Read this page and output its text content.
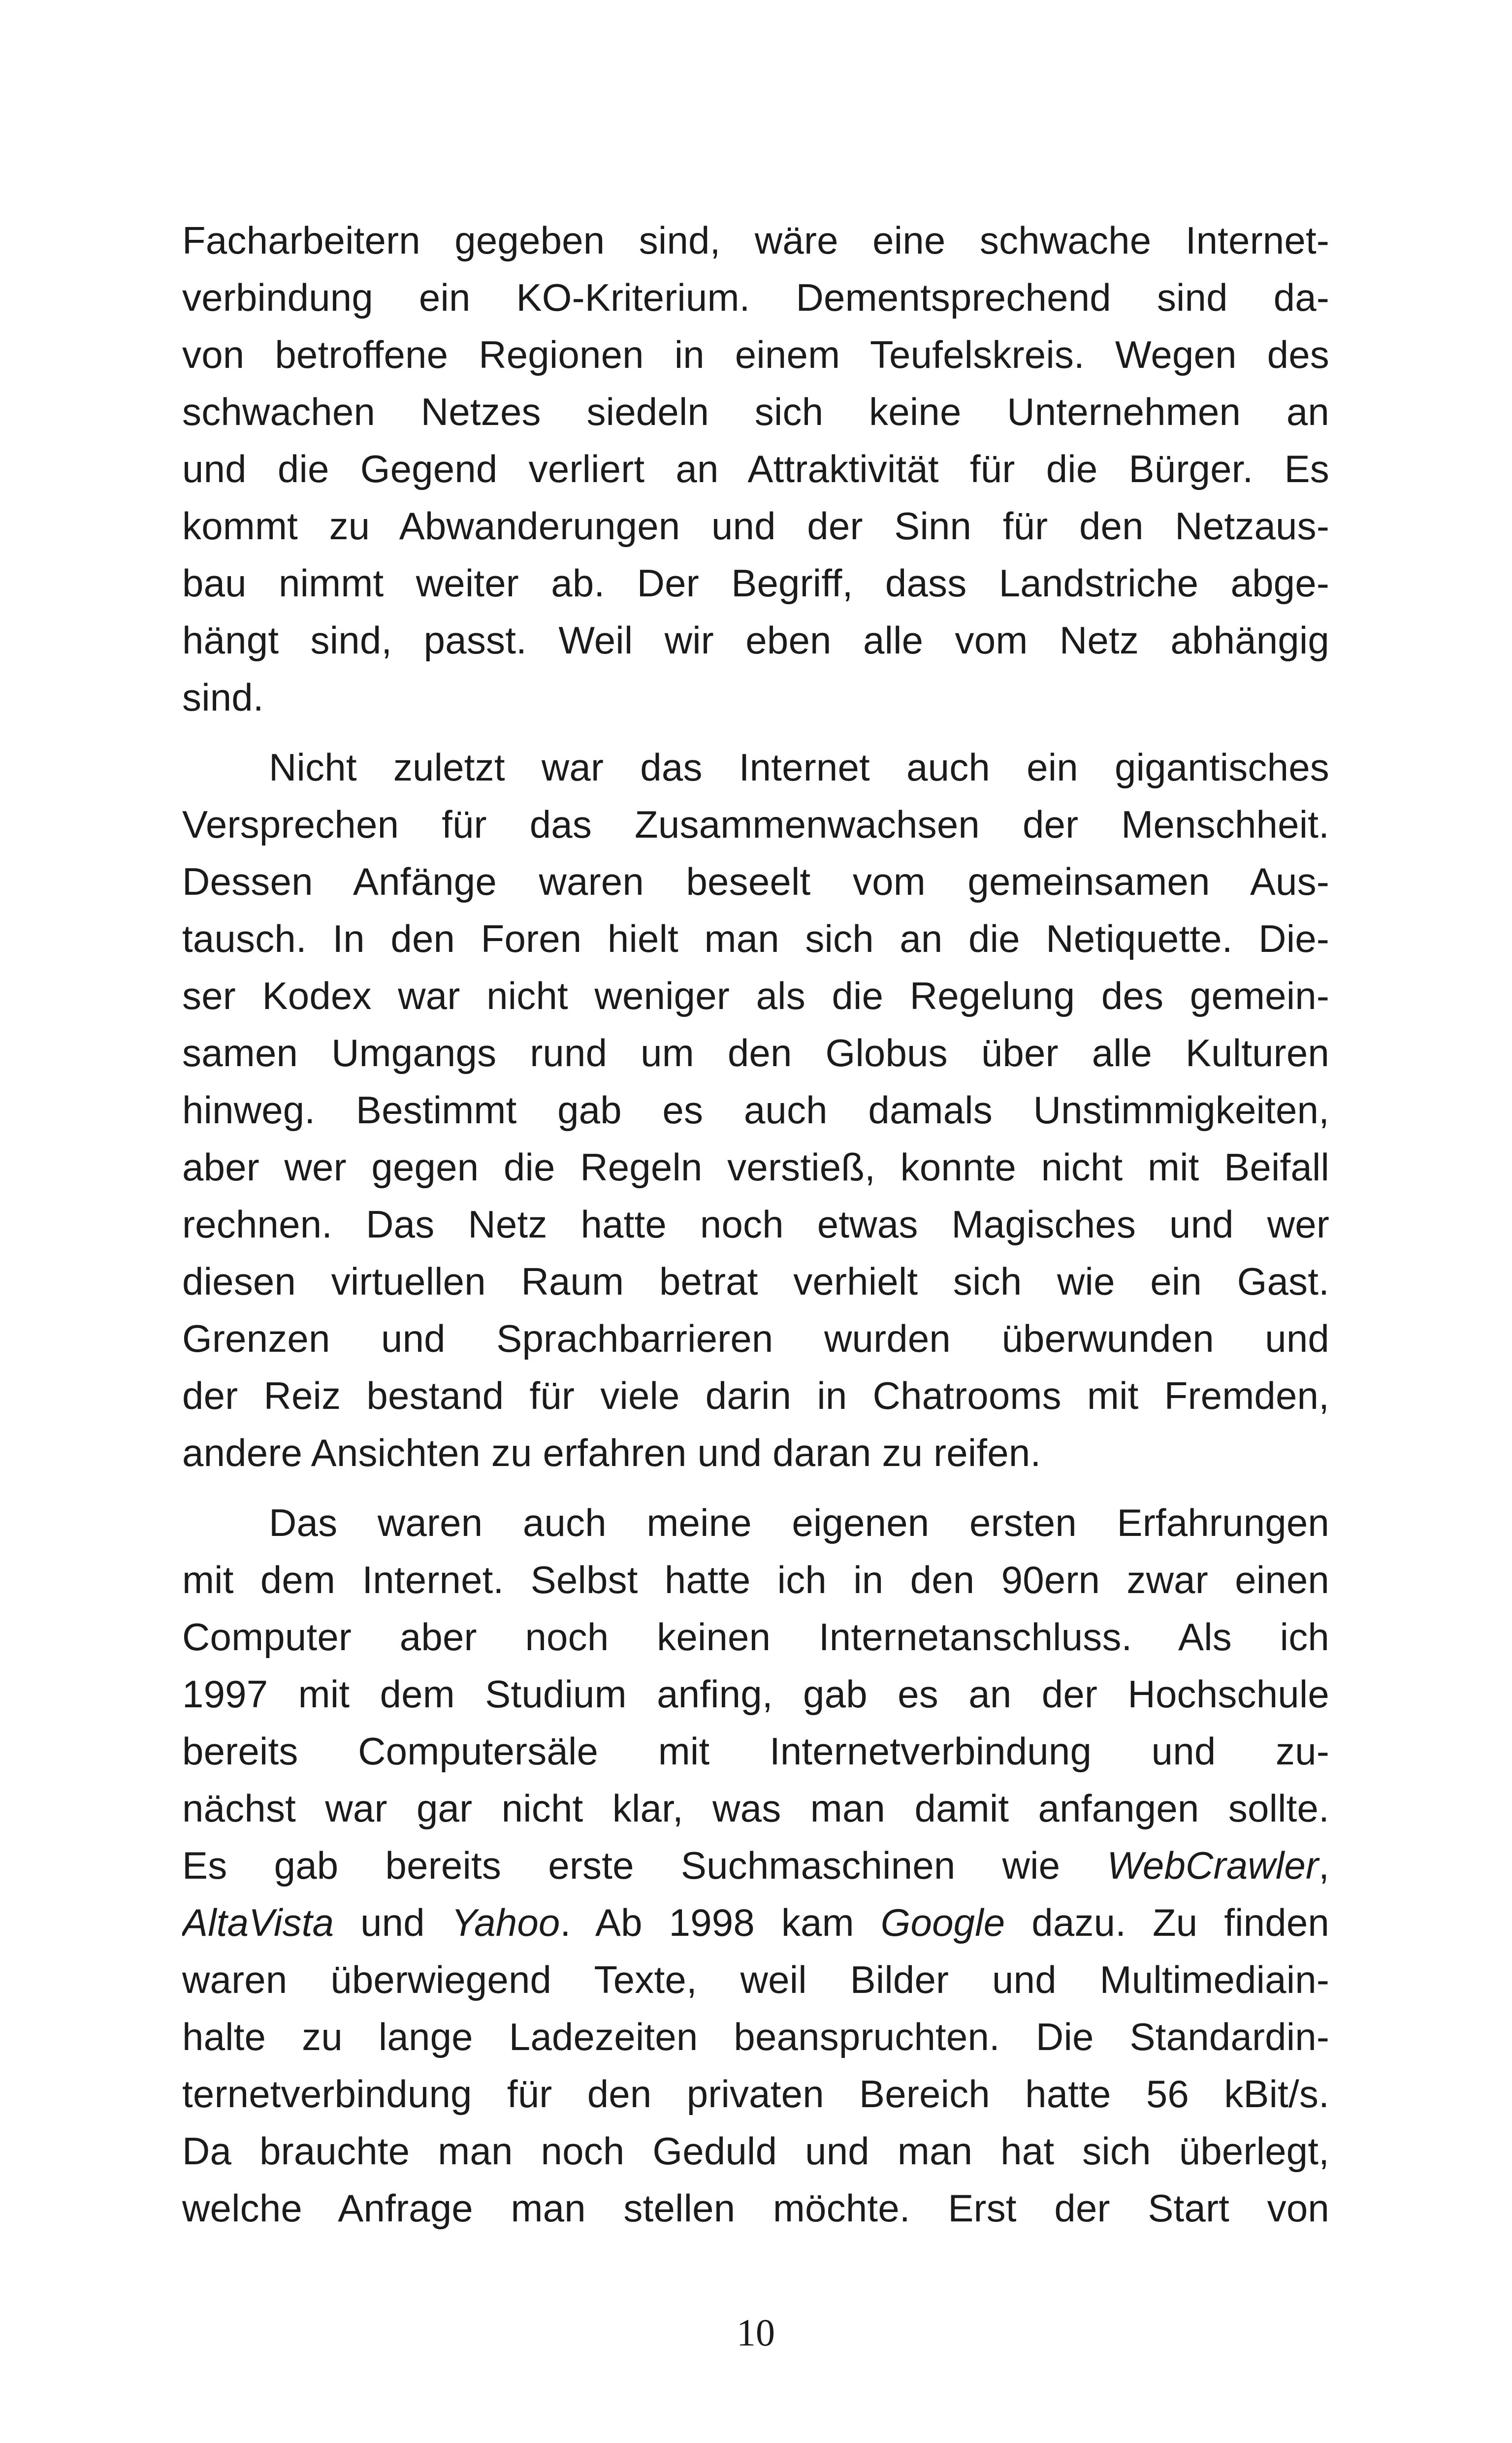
Facharbeitern gegeben sind, wäre eine schwache Internet-
verbindung ein KO-Kriterium. Dementsprechend sind da-
von betroffene Regionen in einem Teufelskreis. Wegen des
schwachen Netzes siedeln sich keine Unternehmen an
und die Gegend verliert an Attraktivität für die Bürger. Es
kommt zu Abwanderungen und der Sinn für den Netzaus-
bau nimmt weiter ab. Der Begriff, dass Landstriche abge-
hängt sind, passt. Weil wir eben alle vom Netz abhängig
sind.
Nicht zuletzt war das Internet auch ein gigantisches
Versprechen für das Zusammenwachsen der Menschheit.
Dessen Anfänge waren beseelt vom gemeinsamen Aus-
tausch. In den Foren hielt man sich an die Netiquette. Die-
ser Kodex war nicht weniger als die Regelung des gemein-
samen Umgangs rund um den Globus über alle Kulturen
hinweg. Bestimmt gab es auch damals Unstimmigkeiten,
aber wer gegen die Regeln verstieß, konnte nicht mit Beifall
rechnen. Das Netz hatte noch etwas Magisches und wer
diesen virtuellen Raum betrat verhielt sich wie ein Gast.
Grenzen und Sprachbarrieren wurden überwunden und
der Reiz bestand für viele darin in Chatrooms mit Fremden,
andere Ansichten zu erfahren und daran zu reifen.
Das waren auch meine eigenen ersten Erfahrungen
mit dem Internet. Selbst hatte ich in den 90ern zwar einen
Computer aber noch keinen Internetanschluss. Als ich
1997 mit dem Studium anfing, gab es an der Hochschule
bereits Computersäle mit Internetverbindung und zu-
nächst war gar nicht klar, was man damit anfangen sollte.
Es gab bereits erste Suchmaschinen wie WebCrawler,
AltaVista und Yahoo. Ab 1998 kam Google dazu. Zu finden
waren überwiegend Texte, weil Bilder und Multimediain-
halte zu lange Ladezeiten beanspruchten. Die Standardin-
ternetverbindung für den privaten Bereich hatte 56 kBit/s.
Da brauchte man noch Geduld und man hat sich überlegt,
welche Anfrage man stellen möchte. Erst der Start von
10
